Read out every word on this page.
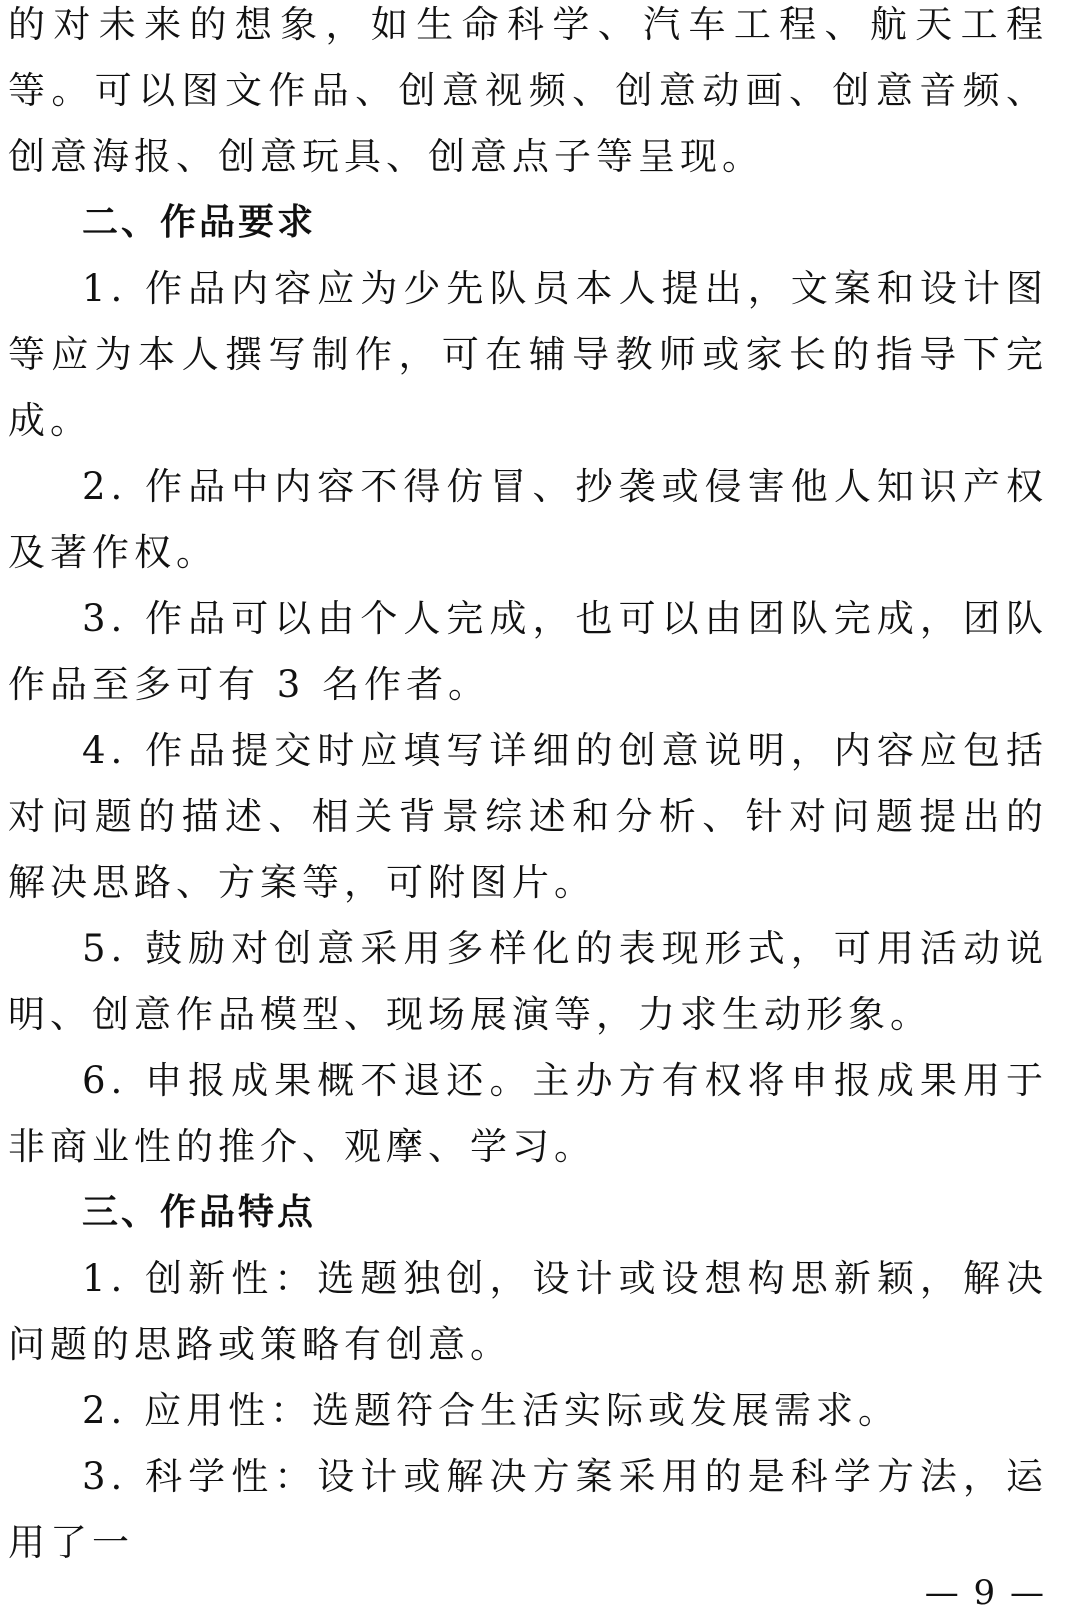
的对未来的想象，如生命科学、汽车工程、航天工程等。可以图文作品、创意视频、创意动画、创意音频、创意海报、创意玩具、创意点子等呈现。

二、作品要求

1. 作品内容应为少先队员本人提出，文案和设计图等应为本人撰写制作，可在辅导教师或家长的指导下完成。

2. 作品中内容不得仿冒、抄袭或侵害他人知识产权及著作权。

3. 作品可以由个人完成，也可以由团队完成，团队作品至多可有 3 名作者。

4. 作品提交时应填写详细的创意说明，内容应包括对问题的描述、相关背景综述和分析、针对问题提出的解决思路、方案等，可附图片。

5. 鼓励对创意采用多样化的表现形式，可用活动说明、创意作品模型、现场展演等，力求生动形象。

6. 申报成果概不退还。主办方有权将申报成果用于非商业性的推介、观摩、学习。

三、作品特点

1. 创新性：选题独创，设计或设想构思新颖，解决问题的思路或策略有创意。

2. 应用性：选题符合生活实际或发展需求。

3. 科学性：设计或解决方案采用的是科学方法，运用了一

— 9 —
